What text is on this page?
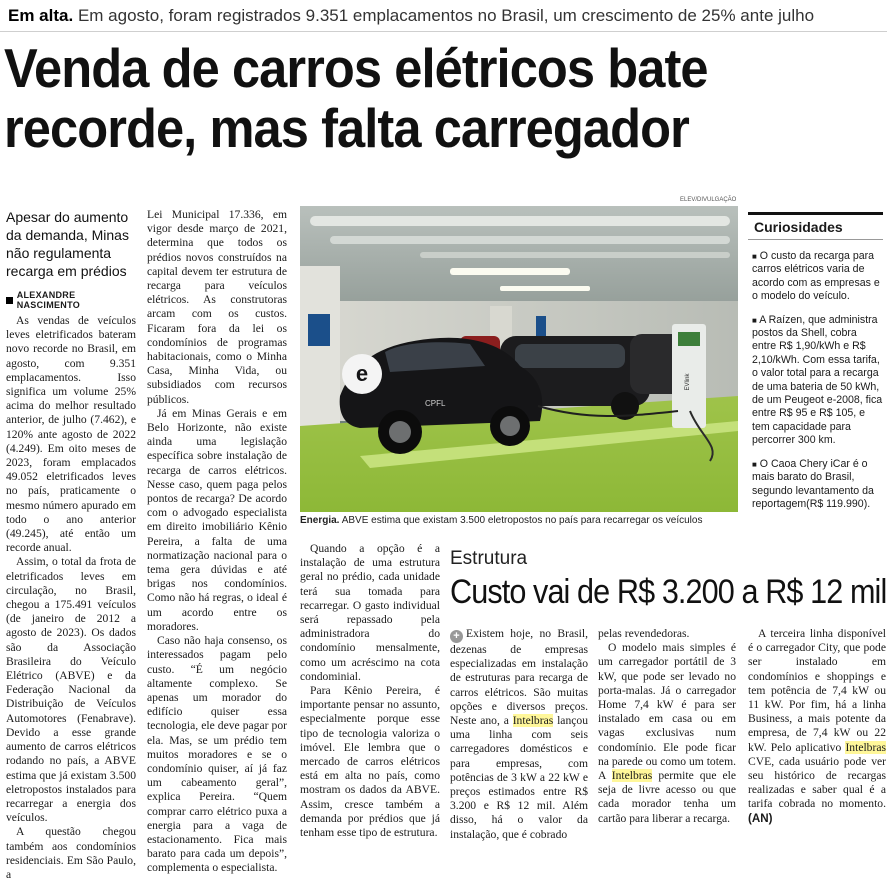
Em alta. Em agosto, foram registrados 9.351 emplacamentos no Brasil, um crescimento de 25% ante julho
Venda de carros elétricos bate
recorde, mas falta carregador
Apesar do aumento da demanda, Minas não regulamenta recarga em prédios
ALEXANDRE NASCIMENTO

As vendas de veículos leves eletrificados bateram novo recorde no Brasil, em agosto, com 9.351 emplacamentos. Isso significa um volume 25% acima do melhor resultado anterior, de julho (7.462), e 120% ante agosto de 2022 (4.249). Em oito meses de 2023, foram emplacados 49.052 eletrificados leves no país, praticamente o mesmo número apurado em todo o ano anterior (49.245), até então um recorde anual.

Assim, o total da frota de eletrificados leves em circulação, no Brasil, chegou a 175.491 veículos (de janeiro de 2012 a agosto de 2023). Os dados são da Associação Brasileira do Veículo Elétrico (ABVE) e da Federação Nacional da Distribuição de Veículos Automotores (Fenabrave). Devido a esse grande aumento de carros elétricos rodando no país, a ABVE estima que já existam 3.500 eletropostos instalados para recarregar a energia dos veículos.

A questão chegou também aos condomínios residenciais. Em São Paulo, a

Lei Municipal 17.336, em vigor desde março de 2021, determina que todos os prédios novos construídos na capital devem ter estrutura de recarga para veículos elétricos. As construtoras arcam com os custos. Ficaram fora da lei os condomínios de programas habitacionais, como o Minha Casa, Minha Vida, ou subsidiados com recursos públicos.

Já em Minas Gerais e em Belo Horizonte, não existe ainda uma legislação específica sobre instalação de recarga de carros elétricos. Nesse caso, quem paga pelos pontos de recarga? De acordo com o advogado especialista em direito imobiliário Kênio Pereira, a falta de uma normatização nacional para o tema gera dúvidas e até brigas nos condomínios. Como não há regras, o ideal é um acordo entre os moradores.

Caso não haja consenso, os interessados pagam pelo custo. “É um negócio altamente complexo. Se apenas um morador do edifício quiser essa tecnologia, ele deve pagar por ela. Mas, se um prédio tem muitos moradores e se o condomínio quiser, aí já faz um cabeamento geral”, explica Pereira. “Quem comprar carro elétrico puxa a energia para a vaga de estacionamento. Fica mais barato para cada um depois”, complementa o especialista.

ELEV/DIVULGAÇÃO
EVlink
e
CPFL
Energia. ABVE estima que existam 3.500 eletropostos no país para recarregar os veículos
Curiosidades
■ O custo da recarga para carros elétricos varia de acordo com as empresas e o modelo do veículo.
■ A Raízen, que administra postos da Shell, cobra entre R$ 1,90/kWh e R$ 2,10/kWh. Com essa tarifa, o valor total para a recarga de uma bateria de 50 kWh, de um Peugeot e-2008, fica entre R$ 95 e R$ 105, e tem capacidade para percorrer 300 km.
■ O Caoa Chery iCar é o mais barato do Brasil, segundo levantamento da reportagem(R$ 119.990).

Quando a opção é a instalação de uma estrutura geral no prédio, cada unidade terá sua tomada para recarregar. O gasto individual será repassado pela administradora do condomínio mensalmente, como um acréscimo na cota condominial.

Para Kênio Pereira, é importante pensar no assunto, especialmente porque esse tipo de tecnologia valoriza o imóvel. Ele lembra que o mercado de carros elétricos está em alta no país, como mostram os dados da ABVE. Assim, cresce também a demanda por prédios que já tenham esse tipo de estrutura.

Estrutura
Custo vai de R$ 3.200 a R$ 12 mil

+ Existem hoje, no Brasil, dezenas de empresas especializadas em instalação de estruturas para recarga de carros elétricos. São muitas opções e diversos preços. Neste ano, a Intelbras lançou uma linha com seis carregadores domésticos e para empresas, com potências de 3 kW a 22 kW e preços estimados entre R$ 3.200 e R$ 12 mil. Além disso, há o valor da instalação, que é cobrado

pelas revendedoras.

O modelo mais simples é um carregador portátil de 3 kW, que pode ser levado no porta-malas. Já o carregador Home 7,4 kW é para ser instalado em casa ou em vagas exclusivas num condomínio. Ele pode ficar na parede ou como um totem. A Intelbras permite que ele seja de livre acesso ou que cada morador tenha um cartão para liberar a recarga.

A terceira linha disponível é o carregador City, que pode ser instalado em condomínios e shoppings e tem potência de 7,4 kW ou 11 kW. Por fim, há a linha Business, a mais potente da empresa, de 7,4 kW ou 22 kW. Pelo aplicativo Intelbras CVE, cada usuário pode ver seu histórico de recargas realizadas e saber qual é a tarifa cobrada no momento. (AN)
